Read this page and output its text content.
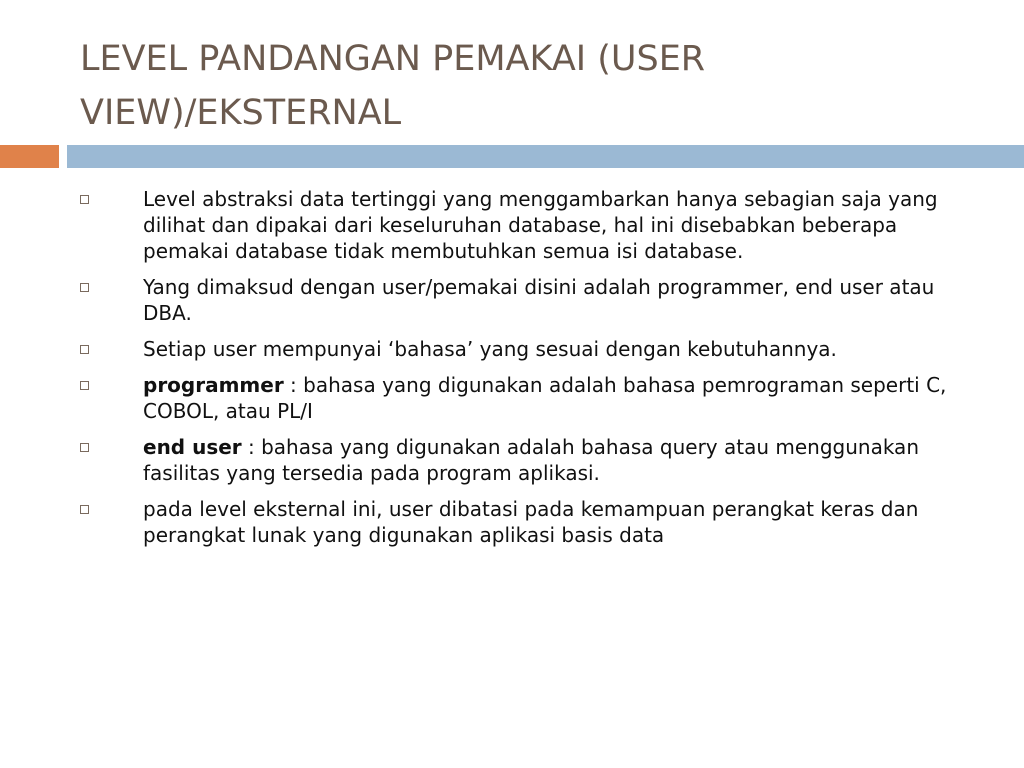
LEVEL PANDANGAN PEMAKAI (USER VIEW)/EKSTERNAL
Level abstraksi data tertinggi yang menggambarkan hanya sebagian saja yang dilihat dan dipakai dari keseluruhan database, hal ini disebabkan beberapa pemakai database tidak membutuhkan semua isi database.
Yang dimaksud dengan user/pemakai disini adalah programmer, end user atau DBA.
Setiap user mempunyai ‘bahasa’ yang sesuai dengan kebutuhannya.
programmer : bahasa yang digunakan adalah bahasa pemrograman seperti C, COBOL, atau PL/I
end user : bahasa yang digunakan adalah bahasa query atau menggunakan fasilitas yang tersedia pada program aplikasi.
pada level eksternal ini, user dibatasi pada kemampuan perangkat keras dan perangkat lunak yang digunakan aplikasi basis data
